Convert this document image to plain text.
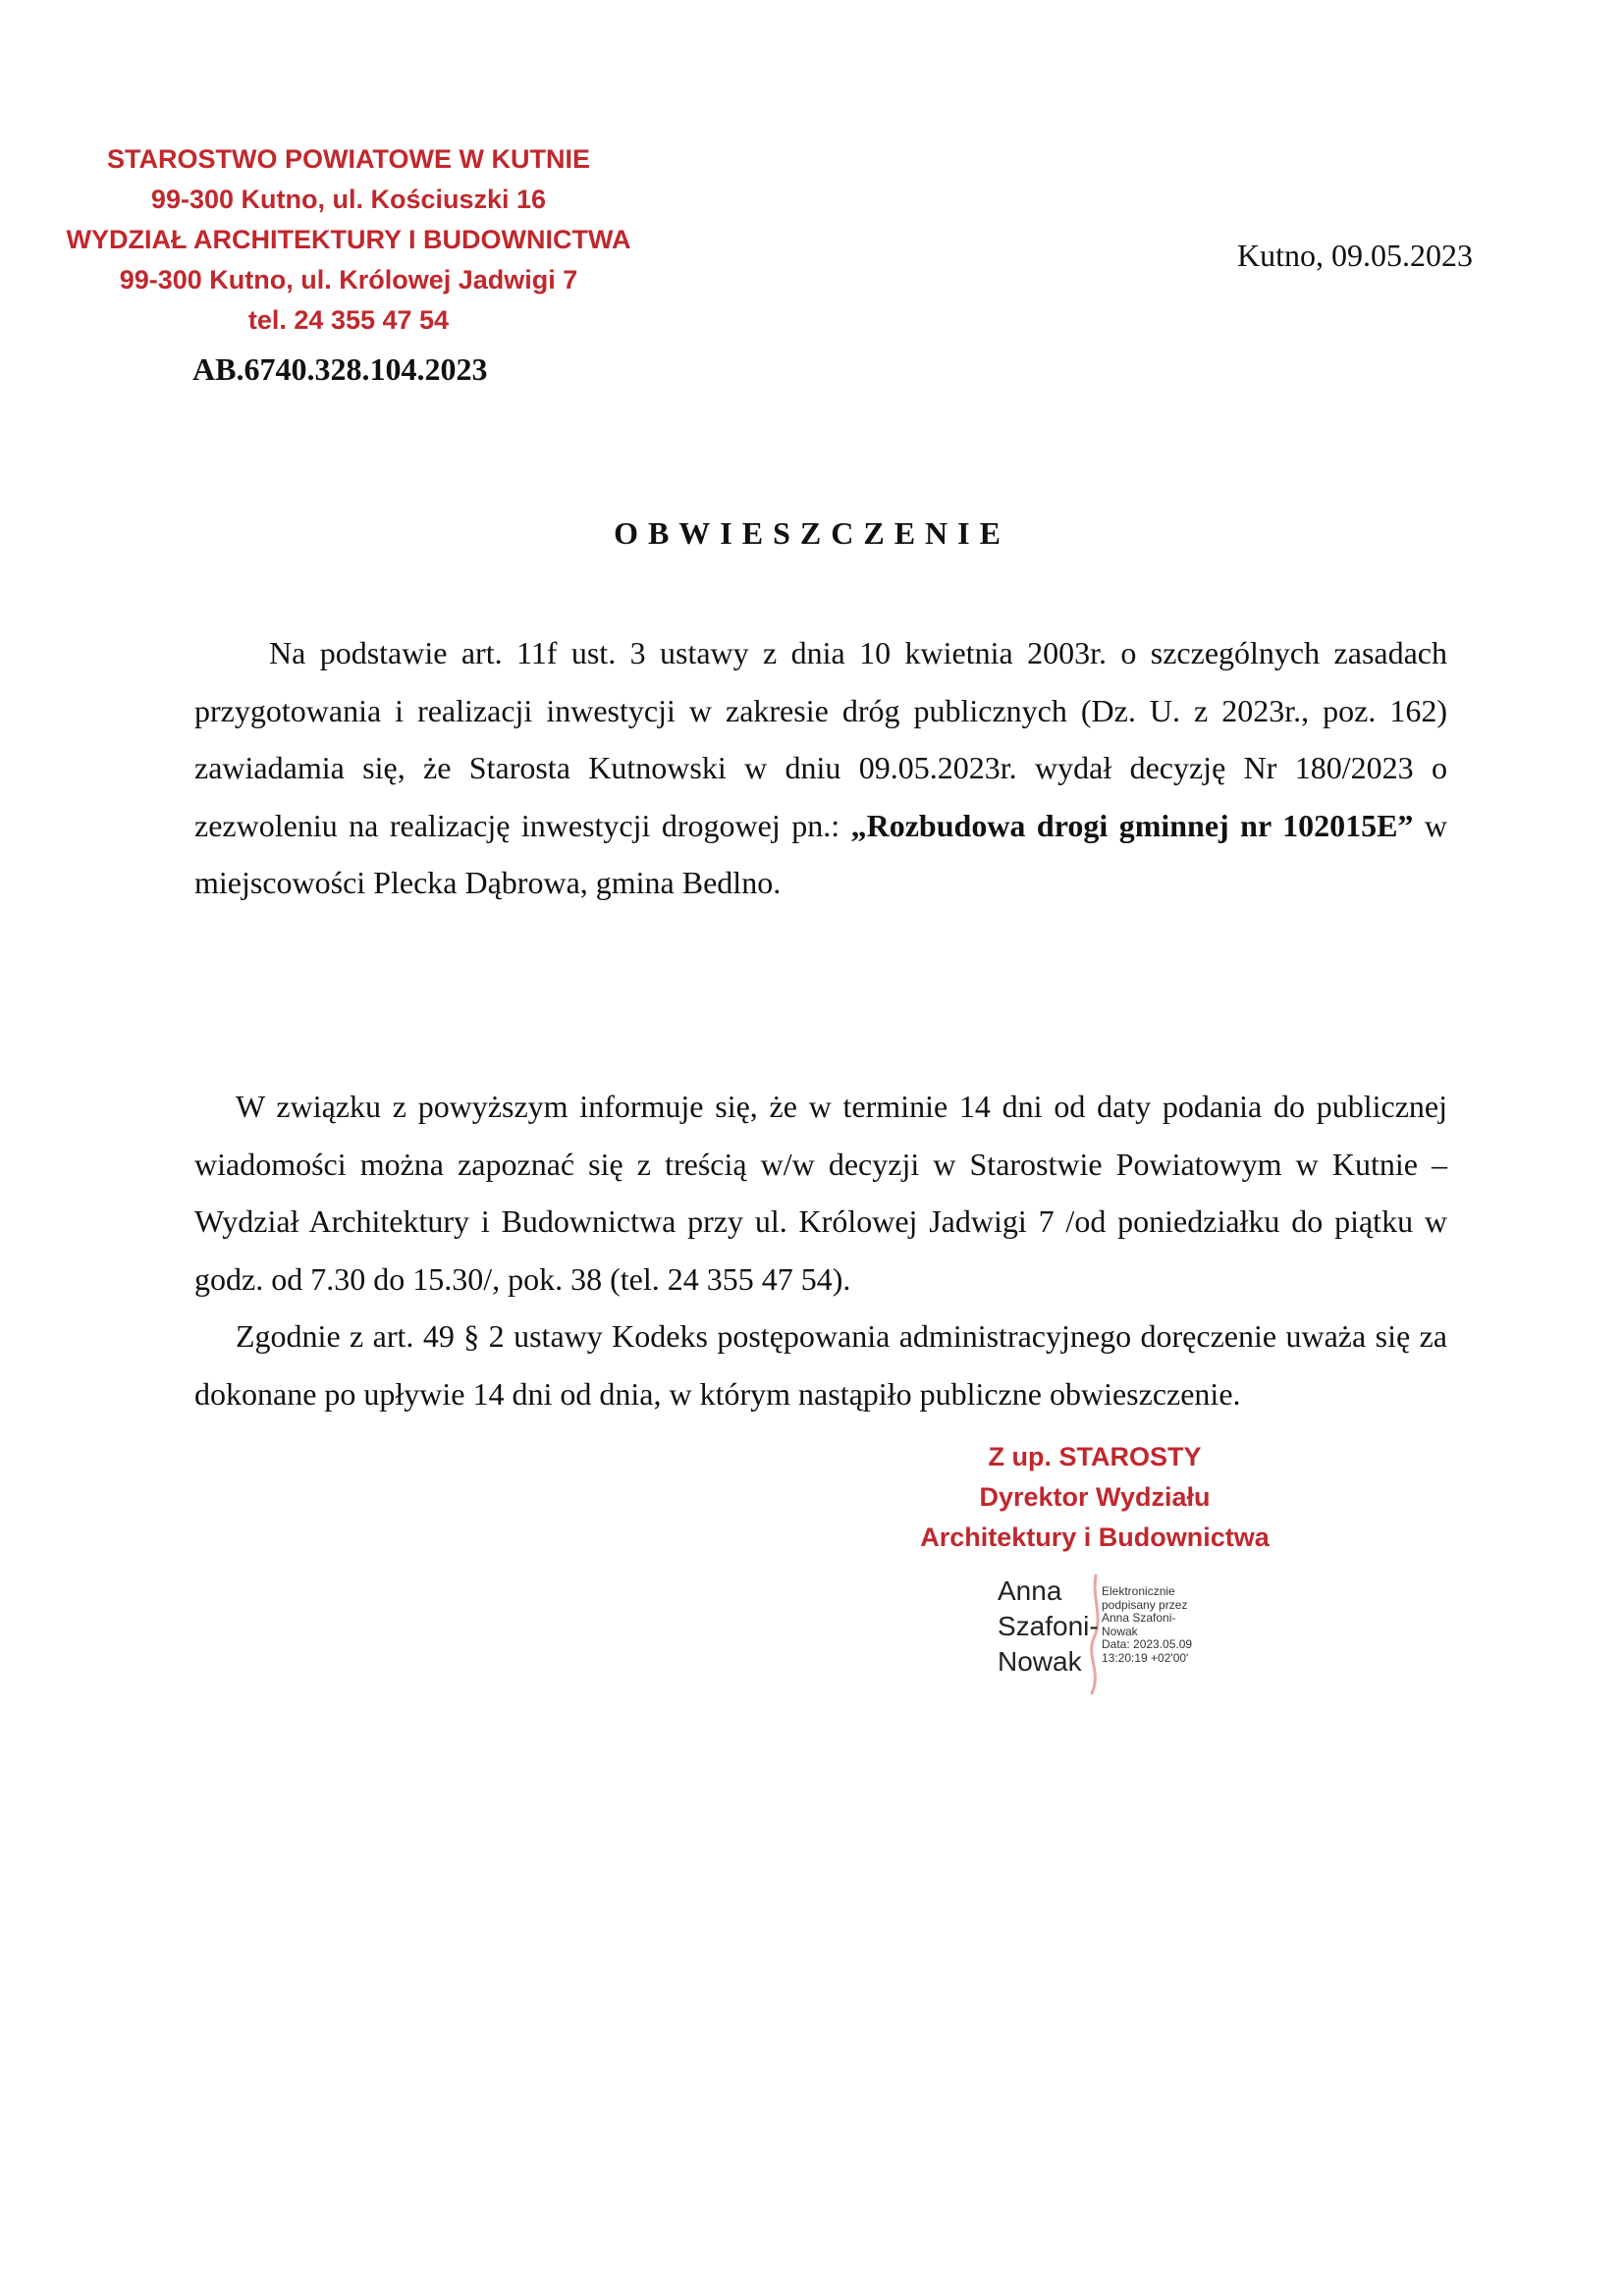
STAROSTWO POWIATOWE W KUTNIE
99-300 Kutno, ul. Kościuszki 16
WYDZIAŁ ARCHITEKTURY I BUDOWNICTWA
99-300 Kutno, ul. Królowej Jadwigi 7
tel. 24 355 47 54
Kutno, 09.05.2023
AB.6740.328.104.2023
OBWIESZCZENIE
Na podstawie art. 11f ust. 3 ustawy z dnia 10 kwietnia 2003r. o szczególnych zasadach przygotowania i realizacji inwestycji w zakresie dróg publicznych (Dz. U. z 2023r., poz. 162) zawiadamia się, że Starosta Kutnowski w dniu 09.05.2023r. wydał decyzję Nr 180/2023 o zezwoleniu na realizację inwestycji drogowej pn.: „Rozbudowa drogi gminnej nr 102015E” w miejscowości Plecka Dąbrowa, gmina Bedlno.
W związku z powyższym informuje się, że w terminie 14 dni od daty podania do publicznej wiadomości można zapoznać się z treścią w/w decyzji w Starostwie Powiatowym w Kutnie – Wydział Architektury i Budownictwa przy ul. Królowej Jadwigi 7 /od poniedziałku do piątku w godz. od 7.30 do 15.30/, pok. 38 (tel. 24 355 47 54).
Zgodnie z art. 49 § 2 ustawy Kodeks postępowania administracyjnego doręczenie uważa się za dokonane po upływie 14 dni od dnia, w którym nastąpiło publiczne obwieszczenie.
Z up. STAROSTY
Dyrektor Wydziału
Architektury i Budownictwa
Anna
Szafoni-
Nowak
Elektronicznie
podpisany przez
Anna Szafoni-
Nowak
Data: 2023.05.09
13:20:19 +02'00'
